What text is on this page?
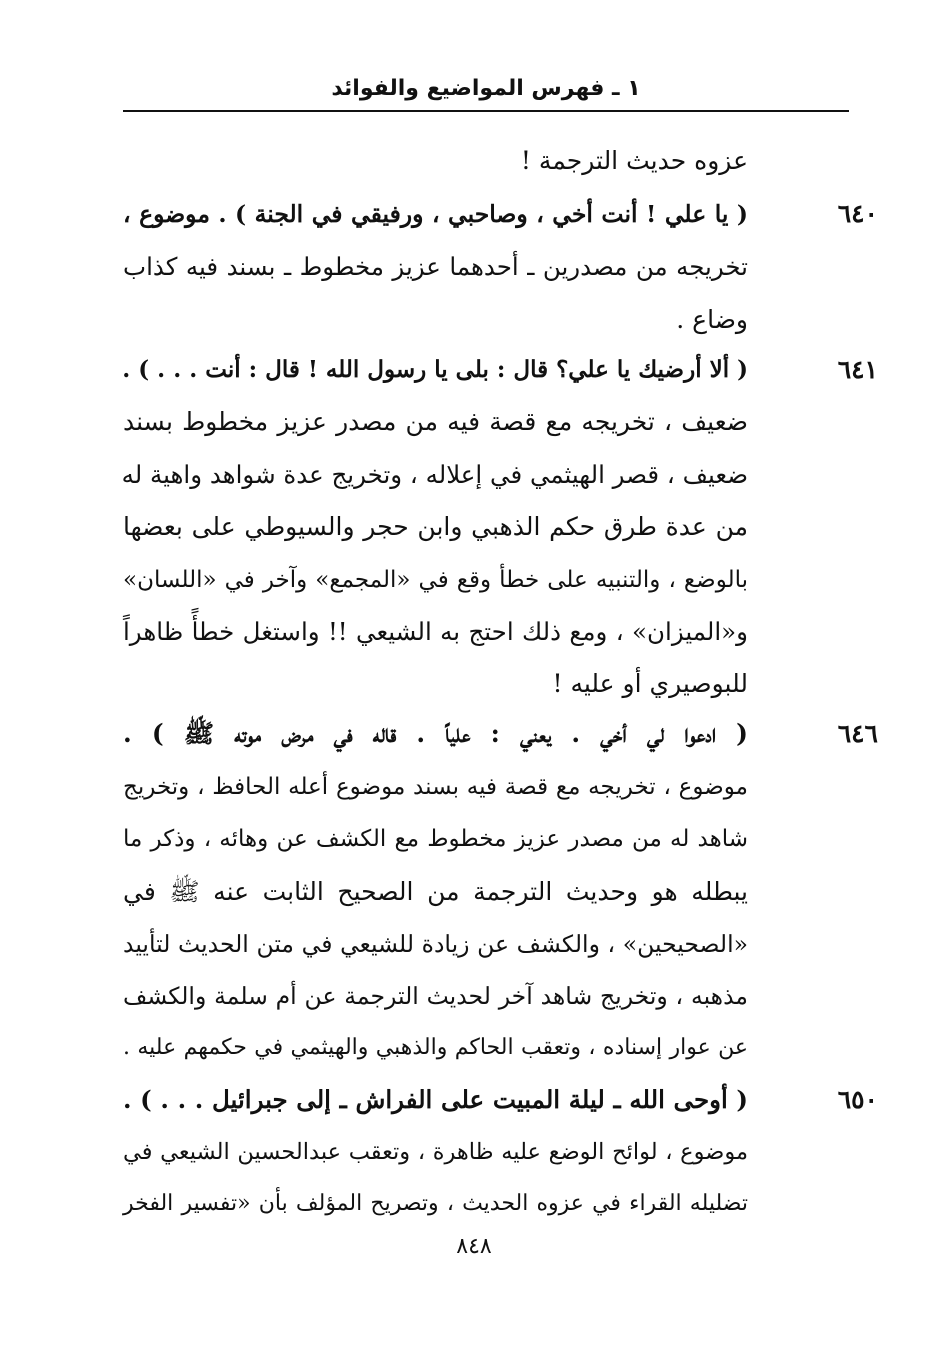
١ ـ فهرس المواضيع والفوائد
عزوه حديث الترجمة !
٦٤٠
( يا علي ! أنت أخي ، وصاحبي ، ورفيقي في الجنة ) . موضوع ،
تخريجه من مصدرين ـ أحدهما عزيز مخطوط ـ بسند فيه كذاب
وضاع .
٦٤١
( ألا أرضيك يا علي؟ قال : بلى يا رسول الله ! قال : أنت . . . ) .
ضعيف ، تخريجه مع قصة فيه من مصدر عزيز مخطوط بسند
ضعيف ، قصر الهيثمي في إعلاله ، وتخريج عدة شواهد واهية له
من عدة طرق حكم الذهبي وابن حجر والسيوطي على بعضها
بالوضع ، والتنبيه على خطأ وقع في «المجمع» وآخر في «اللسان»
و«الميزان» ، ومع ذلك احتج به الشيعي !! واستغل خطأً ظاهراً
للبوصيري أو عليه !
٦٤٦
( ادعوا لي أخي . يعني : علياً . قاله في مرض موته ﷺ ) .
موضوع ، تخريجه مع قصة فيه بسند موضوع أعله الحافظ ، وتخريج
شاهد له من مصدر عزيز مخطوط مع الكشف عن وهائه ، وذكر ما
يبطله هو وحديث الترجمة من الصحيح الثابت عنه ﷺ في
«الصحيحين» ، والكشف عن زيادة للشيعي في متن الحديث لتأييد
مذهبه ، وتخريج شاهد آخر لحديث الترجمة عن أم سلمة والكشف
عن عوار إسناده ، وتعقب الحاكم والذهبي والهيثمي في حكمهم عليه .
٦٥٠
( أوحى الله ـ ليلة المبيت على الفراش ـ إلى جبرائيل . . . ) .
موضوع ، لوائح الوضع عليه ظاهرة ، وتعقب عبدالحسين الشيعي في
تضليله القراء في عزوه الحديث ، وتصريح المؤلف بأن «تفسير الفخر
٨٤٨
